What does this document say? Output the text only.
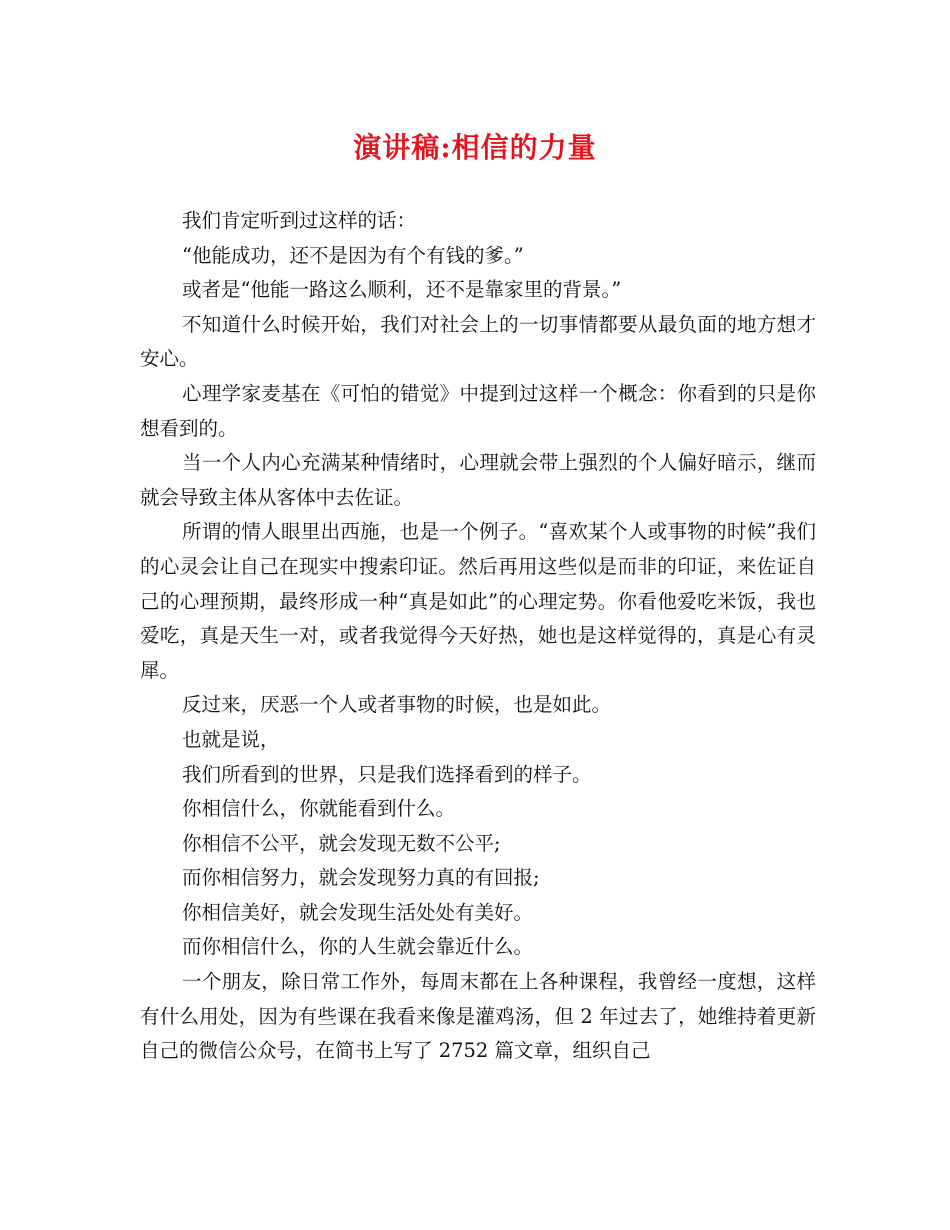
演讲稿:相信的力量

我们肯定听到过这样的话：

“他能成功，还不是因为有个有钱的爹。”

或者是“他能一路这么顺利，还不是靠家里的背景。”

不知道什么时候开始，我们对社会上的一切事情都要从最负面的地方想才安心。

心理学家麦基在《可怕的错觉》中提到过这样一个概念：你看到的只是你想看到的。

当一个人内心充满某种情绪时，心理就会带上强烈的个人偏好暗示，继而就会导致主体从客体中去佐证。

所谓的情人眼里出西施，也是一个例子。“喜欢某个人或事物的时候”我们的心灵会让自己在现实中搜索印证。然后再用这些似是而非的印证，来佐证自己的心理预期，最终形成一种“真是如此”的心理定势。你看他爱吃米饭，我也爱吃，真是天生一对，或者我觉得今天好热，她也是这样觉得的，真是心有灵犀。

反过来，厌恶一个人或者事物的时候，也是如此。

也就是说，

我们所看到的世界，只是我们选择看到的样子。

你相信什么，你就能看到什么。

你相信不公平，就会发现无数不公平;

而你相信努力，就会发现努力真的有回报;

你相信美好，就会发现生活处处有美好。

而你相信什么，你的人生就会靠近什么。

一个朋友，除日常工作外，每周末都在上各种课程，我曾经一度想，这样有什么用处，因为有些课在我看来像是灌鸡汤，但 2 年过去了，她维持着更新自己的微信公众号，在简书上写了 2752 篇文章，组织自己
